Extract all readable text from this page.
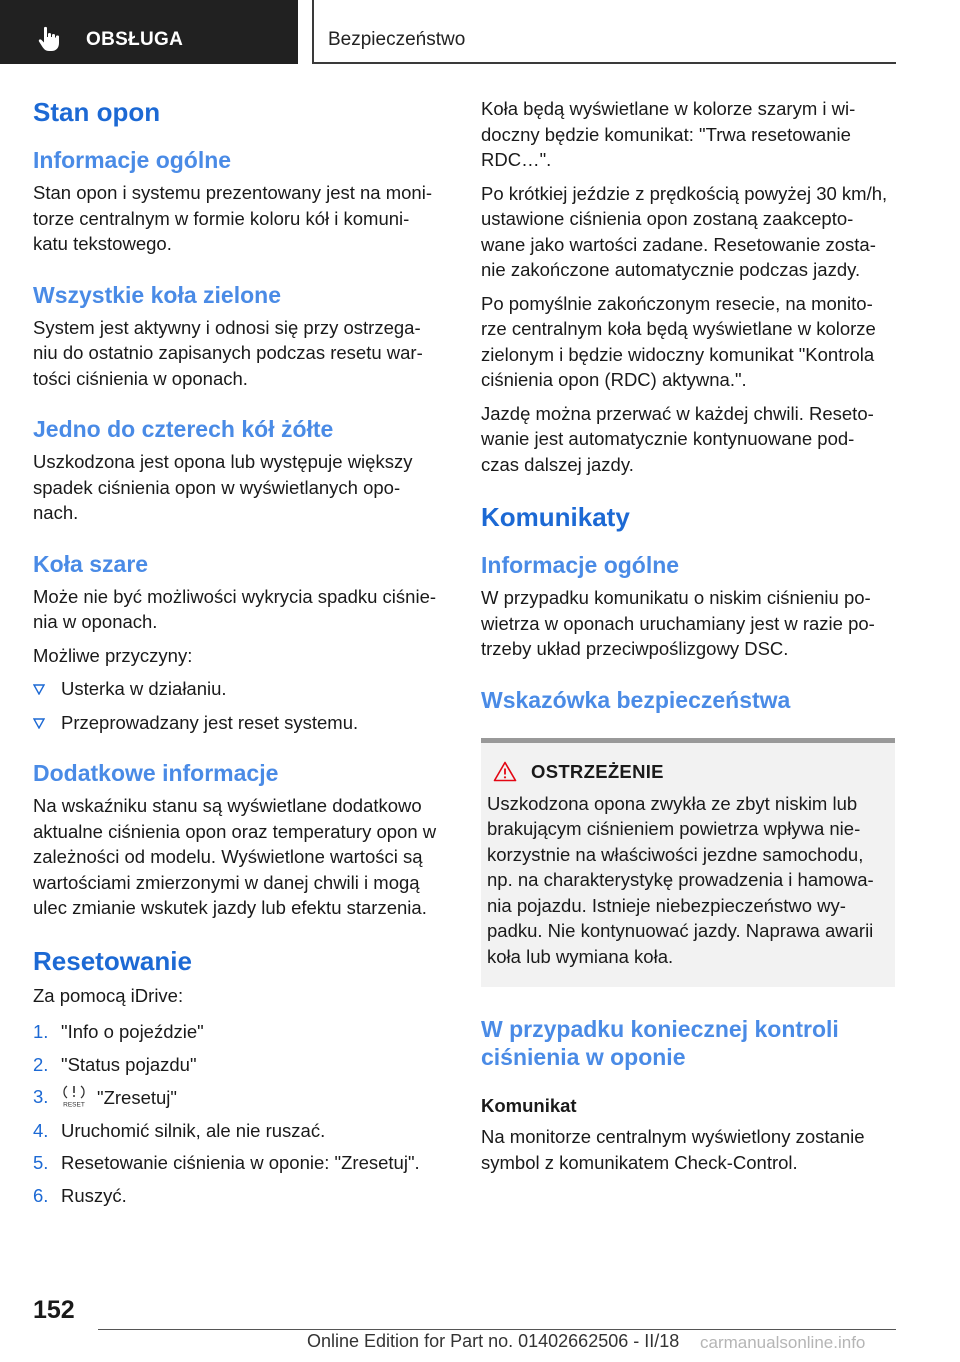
OBSŁUGA	Bezpieczeństwo
Stan opon
Informacje ogólne

Stan opon i systemu prezentowany jest na moni‐
torze centralnym w formie koloru kół i komuni‐
katu tekstowego.

Wszystkie koła zielone

System jest aktywny i odnosi się przy ostrzega‐
niu do ostatnio zapisanych podczas resetu war‐
tości ciśnienia w oponach.

Jedno do czterech kół żółte

Uszkodzona jest opona lub występuje większy
spadek ciśnienia opon w wyświetlanych opo‐
nach.

Koła szare

Może nie być możliwości wykrycia spadku ciśnie‐
nia w oponach.

Możliwe przyczyny:

Usterka w działaniu.
Przeprowadzany jest reset systemu.
Dodatkowe informacje

Na wskaźniku stanu są wyświetlane dodatkowo
aktualne ciśnienia opon oraz temperatury opon w
zależności od modelu. Wyświetlone wartości są
wartościami zmierzonymi w danej chwili i mogą
ulec zmianie wskutek jazdy lub efektu starzenia.

Resetowanie

Za pomocą iDrive:

1. "Info o pojeździe"
2. "Status pojazdu"
3. RESET "Zresetuj"
4. Uruchomić silnik, ale nie ruszać.
5. Resetowanie ciśnienia w oponie: "Zresetuj".
6. Ruszyć.

Koła będą wyświetlane w kolorze szarym i wi‐
doczny będzie komunikat: "Trwa resetowanie
RDC…".

Po krótkiej jeździe z prędkością powyżej 30 km/h,
ustawione ciśnienia opon zostaną zaakcepto‐
wane jako wartości zadane. Resetowanie zosta‐
nie zakończone automatycznie podczas jazdy.

Po pomyślnie zakończonym resecie, na monito‐
rze centralnym koła będą wyświetlane w kolorze
zielonym i będzie widoczny komunikat "Kontrola
ciśnienia opon (RDC) aktywna.".

Jazdę można przerwać w każdej chwili. Reseto‐
wanie jest automatycznie kontynuowane pod‐
czas dalszej jazdy.

Komunikaty
Informacje ogólne

W przypadku komunikatu o niskim ciśnieniu po‐
wietrza w oponach uruchamiany jest w razie po‐
trzeby układ przeciwpoślizgowy DSC.

Wskazówka bezpieczeństwa
OSTRZEŻENIE

Uszkodzona opona zwykła ze zbyt niskim lub
brakującym ciśnieniem powietrza wpływa nie‐
korzystnie na właściwości jezdne samochodu,
np. na charakterystykę prowadzenia i hamowa‐
nia pojazdu. Istnieje niebezpieczeństwo wy‐
padku. Nie kontynuować jazdy. Naprawa awarii
koła lub wymiana koła.

W przypadku koniecznej kontroli
ciśnienia w oponie
Komunikat

Na monitorze centralnym wyświetlony zostanie
symbol z komunikatem Check-Control.

152
Online Edition for Part no. 01402662506 - II/18 carmanualsonline.info
